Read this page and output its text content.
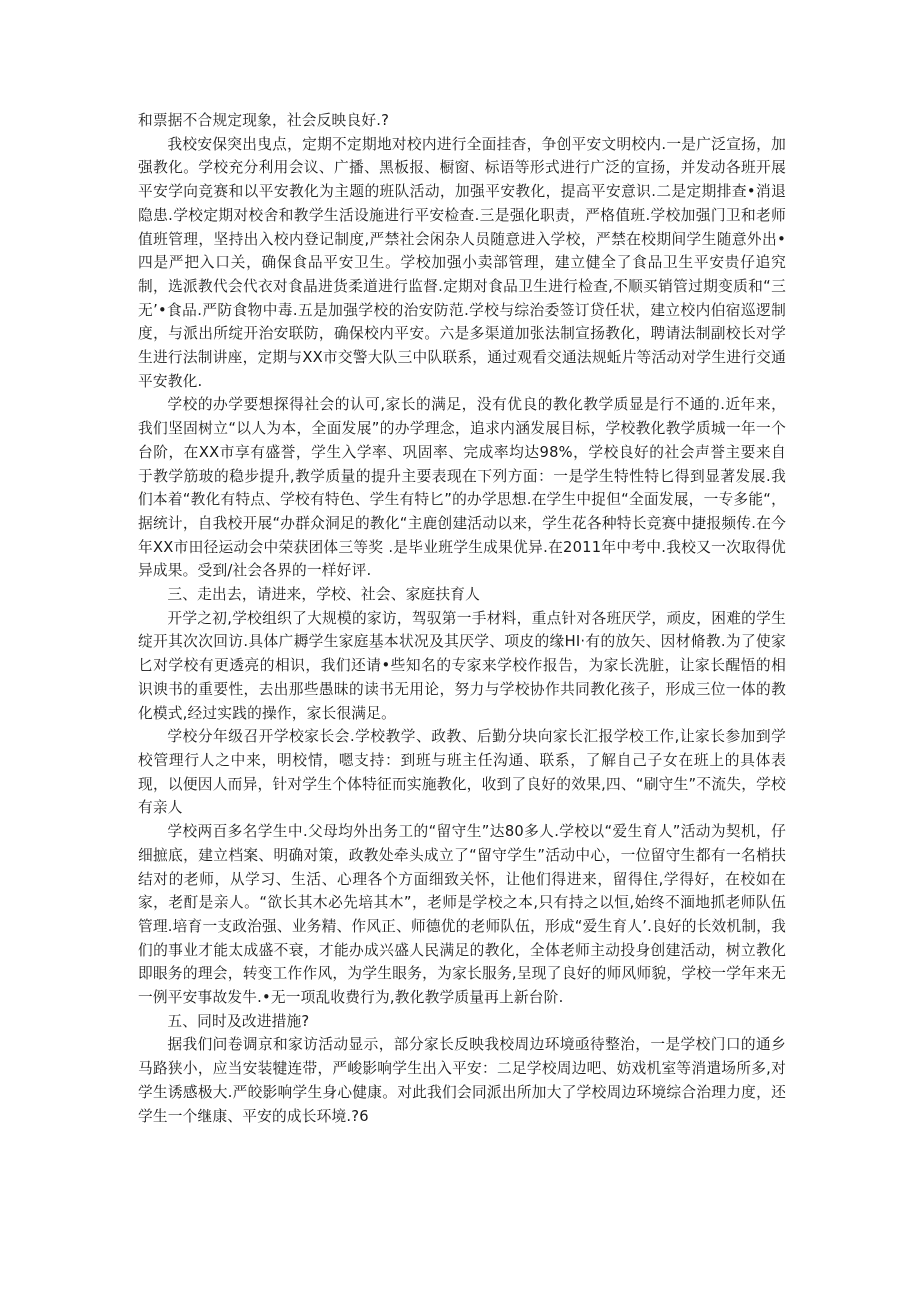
和票据不合规定现象，社会反映良好.?

我校安保突出曳点，定期不定期地对校内进行全面挂杳，争创平安文明校内.一是广泛宣扬，加强教化。学校充分利用会议、广播、黑板报、橱窗、标语等形式进行广泛的宣扬，并发动各班开展平安学向竞赛和以平安教化为主题的班队活动，加强平安教化，提高平安意识.二是定期排查•消退隐患.学校定期对校舍和教学生活设施进行平安检查.三是强化职责，严格值班.学校加强门卫和老师值班管理，坚持出入校内登记制度,严禁社会闲杂人员随意进入学校，严禁在校期间学生随意外出•四是严把入口关，确保食品平安卫生。学校加强小卖部管理，建立健全了食品卫生平安贵仔追究制，选派教代会代衣对食晶进货柔道进行监督.定期对食品卫生进行检查,不顺买销管过期变质和“三无’•食品.严防食物中毒.五是加强学校的治安防范.学校与综治委签订贷任状，建立校内伯宿巡逻制度，与派出所绽开治安联防，确保校内平安。六是多渠道加张法制宣扬教化，聘请法制副校长对学生进行法制讲座，定期与XX市交警大队三中队联系，通过观看交通法规蚯片等活动对学生进行交通平安教化.

学校的办学要想探得社会的认可,家长的满足，没有优良的教化教学质显是行不通的.近年来，我们坚固树立“以人为本，全面发展”的办学理念，追求内涵发展目标，学校教化教学质城一年一个台阶，在XX市享有盛誉，学生入学率、巩固率、完成率均达98%，学校良好的社会声誉主要来自于教学筋玻的稳步提升,教学质量的提升主要表现在下列方面：一是学生特性特匕得到显著发展.我们本着“教化有特点、学校有特色、学生有特匕”的办学思想.在学生中捉但“全面发展，一专多能“，据统计，自我校开展“办群众洞足的教化“主鹿创建活动以来，学生花各种特长竞赛中捷报频传.在今年XX市田径运动会中荣获团体三等奖 .是毕业班学生成果优异.在2011年中考中.我校又一次取得优异成果。受到/社会各界的一样好评.

三、走出去，请进来，学校、社会、家庭扶育人

开学之初,学校组织了大规模的家访，驾驭第一手材料，重点针对各班厌学，顽皮，困难的学生绽开其次次回访.具体广耨学生家庭基本状况及其厌学、项皮的缘HI·有的放矢、因材脩教.为了使家匕对学校有更透亮的相识，我们还请•些知名的专家来学校作报告，为家长洗脏，让家长醒悟的相识谀书的重要性，去出那些愚昧的读书无用论，努力与学校协作共同教化孩子，形成三位一体的教化模式,经过实践的操作，家长很满足。

学校分年级召开学校家长会.学校教学、政教、后勤分块向家长汇报学校工作,让家长参加到学校管理行人之中来，明校情，嗯支持：到班与班主任沟通、联系，了解自己子女在班上的具体表现，以便因人而异，针对学生个体特征而实施教化，收到了良好的效果,四、“刷守生”不流失，学校有亲人

学校两百多名学生中.父母均外出务工的“留守生”达80多人.学校以“爱生育人”活动为契机，仔细摭底，建立档案、明确对策，政教处牵头成立了“留守学生”活动中心，一位留守生都有一名梢扶结对的老师，从学习、生活、心理各个方面细致关怀，让他们得进来，留得住,学得好，在校如在家，老酊是亲人。“欲长其木必先培其木”，老师是学校之本,只有持之以恒,始终不湎地抓老师队伍管理.培育一支政治强、业务精、作风正、师德优的老师队伍，形成“爱生育人’.良好的长效机制，我们的事业才能太成盛不衰，才能办成兴盛人民满足的教化，全体老师主动投身创建活动，树立教化即眼务的理会，转变工作作风，为学生眼务，为家长服务,呈现了良好的师风师貌，学校一学年来无一例平安事故发牛.•无一项乱收费行为,教化教学质量再上新台阶.

五、同时及改进措施?

据我们问卷调京和家访活动显示，部分家长反映我校周边环境亟待整治，一是学校门口的通乡马路狭小，应当安装犍连带，严峻影响学生出入平安：二足学校周边吧、妨戏机室等消遣场所多,对学生诱感极大.严皎影响学生身心健康。对此我们会同派出所加大了学校周边环境综合治理力度，还学生一个继康、平安的成长环境.?6
